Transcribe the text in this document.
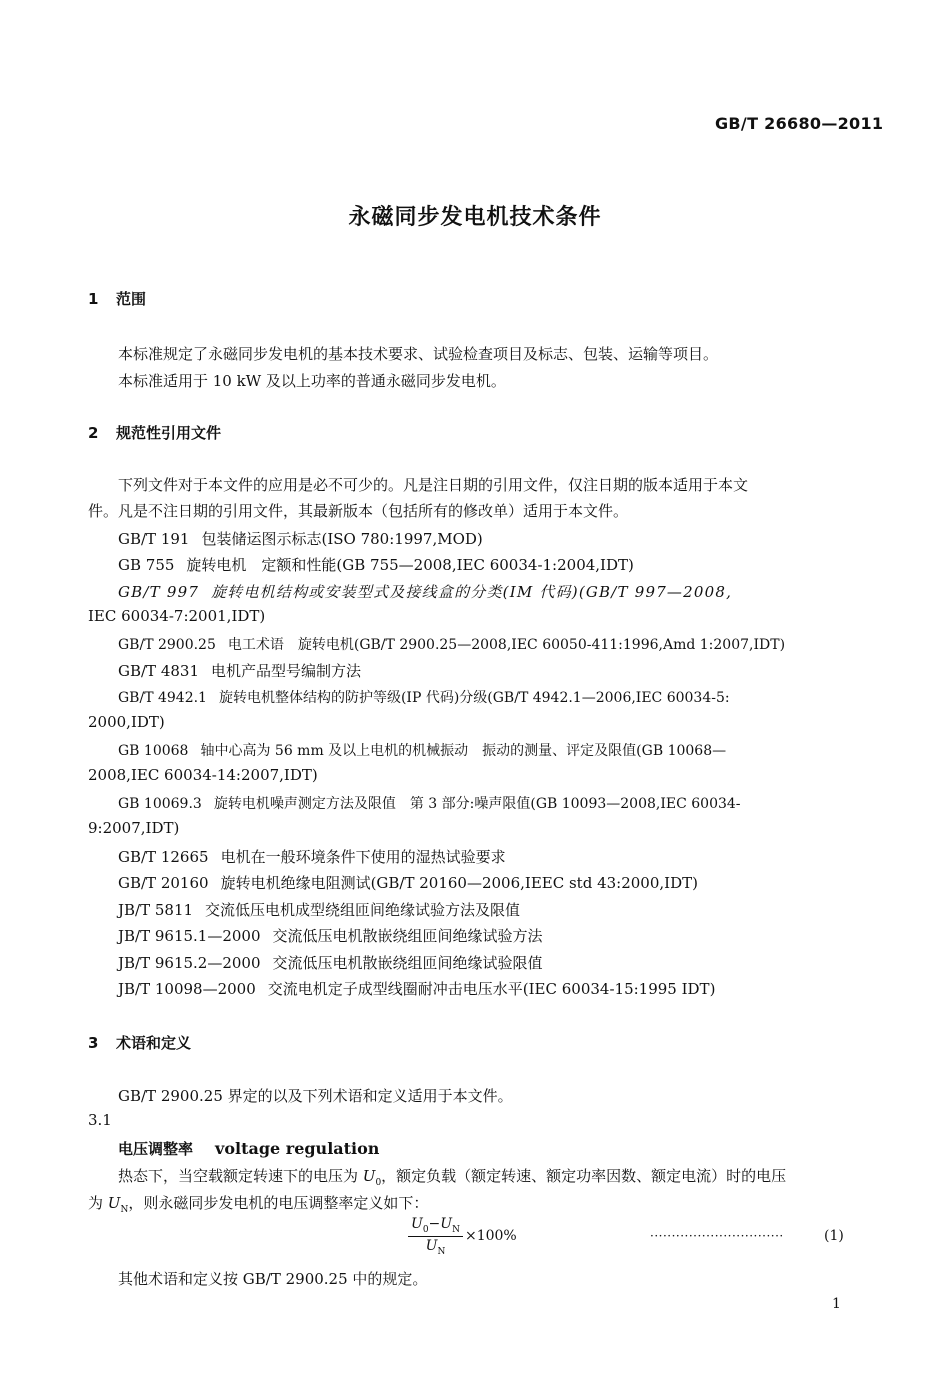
GB/T 26680—2011
永磁同步发电机技术条件
1 范围
本标准规定了永磁同步发电机的基本技术要求、试验检查项目及标志、包装、运输等项目。
本标准适用于 10 kW 及以上功率的普通永磁同步发电机。
2 规范性引用文件
下列文件对于本文件的应用是必不可少的。凡是注日期的引用文件，仅注日期的版本适用于本文
件。凡是不注日期的引用文件，其最新版本（包括所有的修改单）适用于本文件。
GB/T 191 包装储运图示标志(ISO 780:1997,MOD)
GB 755 旋转电机　定额和性能(GB 755—2008,IEC 60034-1:2004,IDT)
GB/T 997 旋转电机结构或安装型式及接线盒的分类(IM 代码)(GB/T 997—2008,
IEC 60034-7:2001,IDT)
GB/T 2900.25 电工术语　旋转电机(GB/T 2900.25—2008,IEC 60050-411:1996,Amd 1:2007,IDT)
GB/T 4831 电机产品型号编制方法
GB/T 4942.1 旋转电机整体结构的防护等级(IP 代码)分级(GB/T 4942.1—2006,IEC 60034-5:
2000,IDT)
GB 10068 轴中心高为 56 mm 及以上电机的机械振动　振动的测量、评定及限值(GB 10068—
2008,IEC 60034-14:2007,IDT)
GB 10069.3 旋转电机噪声测定方法及限值　第 3 部分:噪声限值(GB 10093—2008,IEC 60034-
9:2007,IDT)
GB/T 12665 电机在一般环境条件下使用的湿热试验要求
GB/T 20160 旋转电机绝缘电阻测试(GB/T 20160—2006,IEEC std 43:2000,IDT)
JB/T 5811 交流低压电机成型绕组匝间绝缘试验方法及限值
JB/T 9615.1—2000 交流低压电机散嵌绕组匝间绝缘试验方法
JB/T 9615.2—2000 交流低压电机散嵌绕组匝间绝缘试验限值
JB/T 10098—2000 交流电机定子成型线圈耐冲击电压水平(IEC 60034-15:1995 IDT)
3 术语和定义
GB/T 2900.25 界定的以及下列术语和定义适用于本文件。
3.1
电压调整率 voltage regulation
热态下，当空载额定转速下的电压为 $U_0$，额定负载（额定转速、额定功率因数、额定电流）时的电压
为 $U_N$，则永磁同步发电机的电压调整率定义如下：
$\frac{U_0-U_N}{U_N} \times 100\%$	·······························	(1)
其他术语和定义按 GB/T 2900.25 中的规定。
1
